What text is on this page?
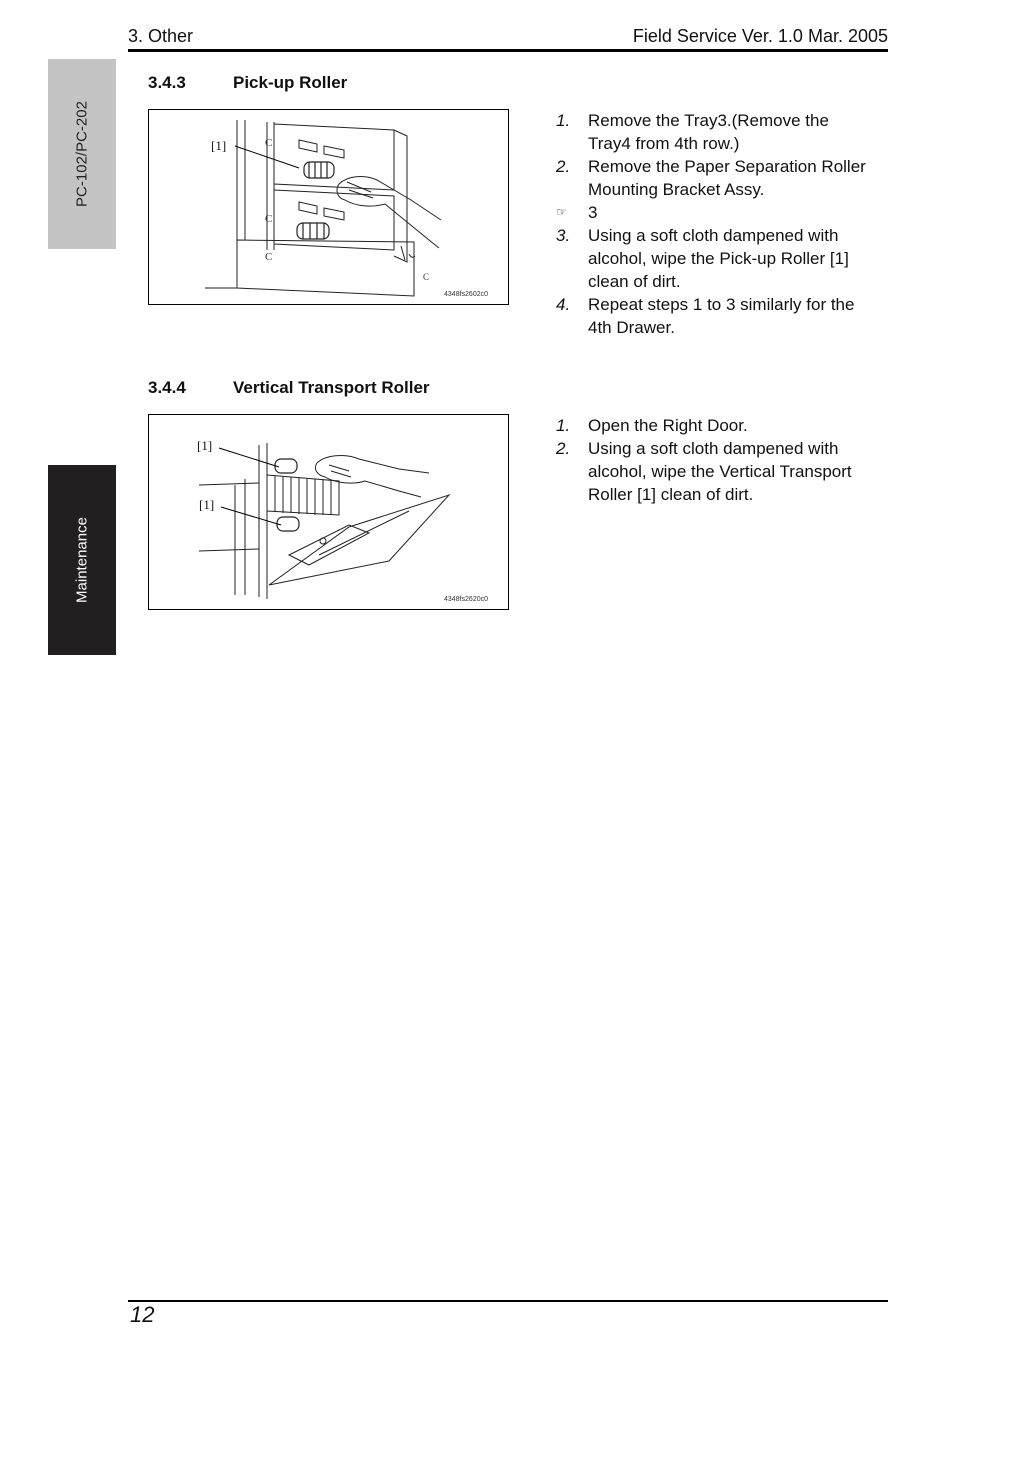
3. Other	Field Service Ver. 1.0 Mar. 2005
PC-102/PC-202
Maintenance
3.4.3	Pick-up Roller
C
C
C
C
[1]
4348fs2602c0
1. Remove the Tray3.(Remove the Tray4 from 4th row.)
2. Remove the Paper Separation Roller Mounting Bracket Assy.
☞ 3
3. Using a soft cloth dampened with alcohol, wipe the Pick-up Roller [1] clean of dirt.
4. Repeat steps 1 to 3 similarly for the 4th Drawer.
3.4.4	Vertical Transport Roller
[1]
[1]
4348fs2620c0
1. Open the Right Door.
2. Using a soft cloth dampened with alcohol, wipe the Vertical Transport Roller [1] clean of dirt.
12
